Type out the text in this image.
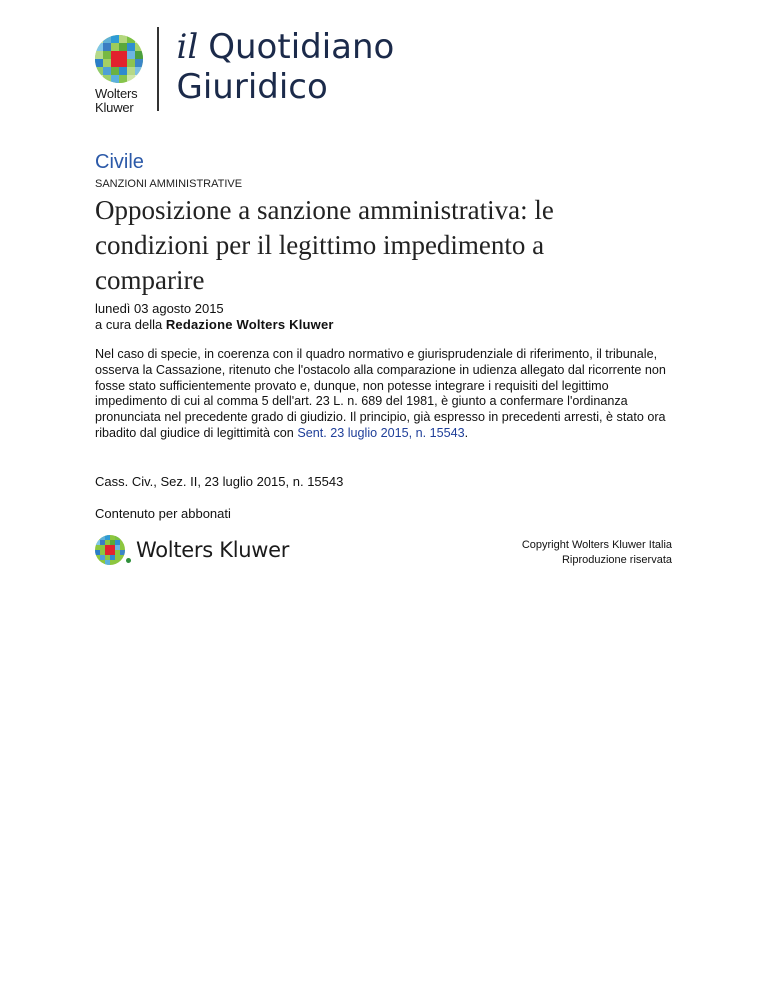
Wolters
Kluwer
il Quotidiano
Giuridico
Civile
SANZIONI AMMINISTRATIVE
Opposizione a sanzione amministrativa: le condizioni per il legittimo impedimento a comparire
lunedì 03 agosto 2015
a cura della Redazione Wolters Kluwer
Nel caso di specie, in coerenza con il quadro normativo e giurisprudenziale di riferimento, il tribunale, osserva la Cassazione, ritenuto che l'ostacolo alla comparazione in udienza allegato dal ricorrente non fosse stato sufficientemente provato e, dunque, non potesse integrare i requisiti del legittimo impedimento di cui al comma 5 dell'art. 23 L. n. 689 del 1981, è giunto a confermare l'ordinanza pronunciata nel precedente grado di giudizio. Il principio, già espresso in precedenti arresti, è stato ora ribadito dal giudice di legittimità con Sent. 23 luglio 2015, n. 15543.
Cass. Civ., Sez. II, 23 luglio 2015, n. 15543
Contenuto per abbonati
Wolters Kluwer	Copyright Wolters Kluwer Italia
Riproduzione riservata
